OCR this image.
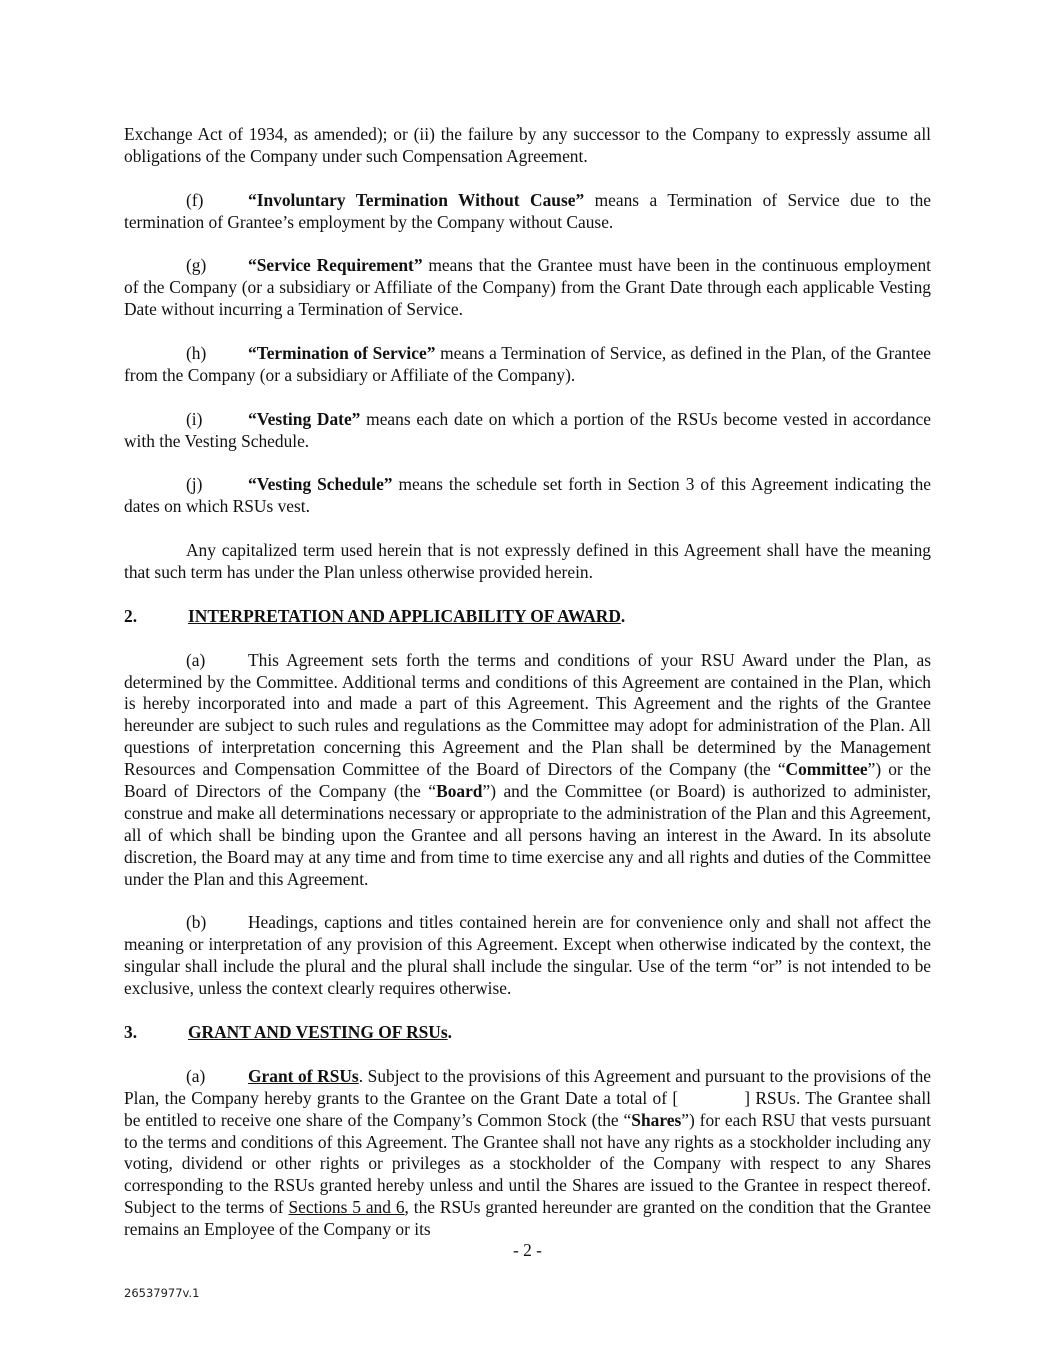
Exchange Act of 1934, as amended); or (ii) the failure by any successor to the Company to expressly assume all obligations of the Company under such Compensation Agreement.

(f)	“Involuntary Termination Without Cause” means a Termination of Service due to the termination of Grantee’s employment by the Company without Cause.

(g) “Service Requirement” means that the Grantee must have been in the continuous employment of the Company (or a subsidiary or Affiliate of the Company) from the Grant Date through each applicable Vesting Date without incurring a Termination of Service.

(h) “Termination of Service” means a Termination of Service, as defined in the Plan, of the Grantee from the Company (or a subsidiary or Affiliate of the Company).

(i)	“Vesting Date” means each date on which a portion of the RSUs become vested in accordance with the Vesting Schedule.

(j)	“Vesting Schedule” means the schedule set forth in Section 3 of this Agreement indicating the dates on which RSUs vest.

Any capitalized term used herein that is not expressly defined in this Agreement shall have the meaning that such term has under the Plan unless otherwise provided herein.

2.	INTERPRETATION AND APPLICABILITY OF AWARD.

(a) This Agreement sets forth the terms and conditions of your RSU Award under the Plan, as determined by the Committee. Additional terms and conditions of this Agreement are contained in the Plan, which is hereby incorporated into and made a part of this Agreement. This Agreement and the rights of the Grantee hereunder are subject to such rules and regulations as the Committee may adopt for administration of the Plan. All questions of interpretation concerning this Agreement and the Plan shall be determined by the Management Resources and Compensation Committee of the Board of Directors of the Company (the “Committee”) or the Board of Directors of the Company (the “Board”) and the Committee (or Board) is authorized to administer, construe and make all determinations necessary or appropriate to the administration of the Plan and this Agreement, all of which shall be binding upon the Grantee and all persons having an interest in the Award. In its absolute discretion, the Board may at any time and from time to time exercise any and all rights and duties of the Committee under the Plan and this Agreement.

(b) Headings, captions and titles contained herein are for convenience only and shall not affect the meaning or interpretation of any provision of this Agreement. Except when otherwise indicated by the context, the singular shall include the plural and the plural shall include the singular. Use of the term “or” is not intended to be exclusive, unless the context clearly requires otherwise.

3.	GRANT AND VESTING OF RSUs.

(a) Grant of RSUs. Subject to the provisions of this Agreement and pursuant to the provisions of the Plan, the Company hereby grants to the Grantee on the Grant Date a total of [	] RSUs. The Grantee shall be entitled to receive one share of the Company’s Common Stock (the “Shares”) for each RSU that vests pursuant to the terms and conditions of this Agreement. The Grantee shall not have any rights as a stockholder including any voting, dividend or other rights or privileges as a stockholder of the Company with respect to any Shares corresponding to the RSUs granted hereby unless and until the Shares are issued to the Grantee in respect thereof. Subject to the terms of Sections 5 and 6, the RSUs granted hereunder are granted on the condition that the Grantee remains an Employee of the Company or its

- 2 -
26537977v.1
